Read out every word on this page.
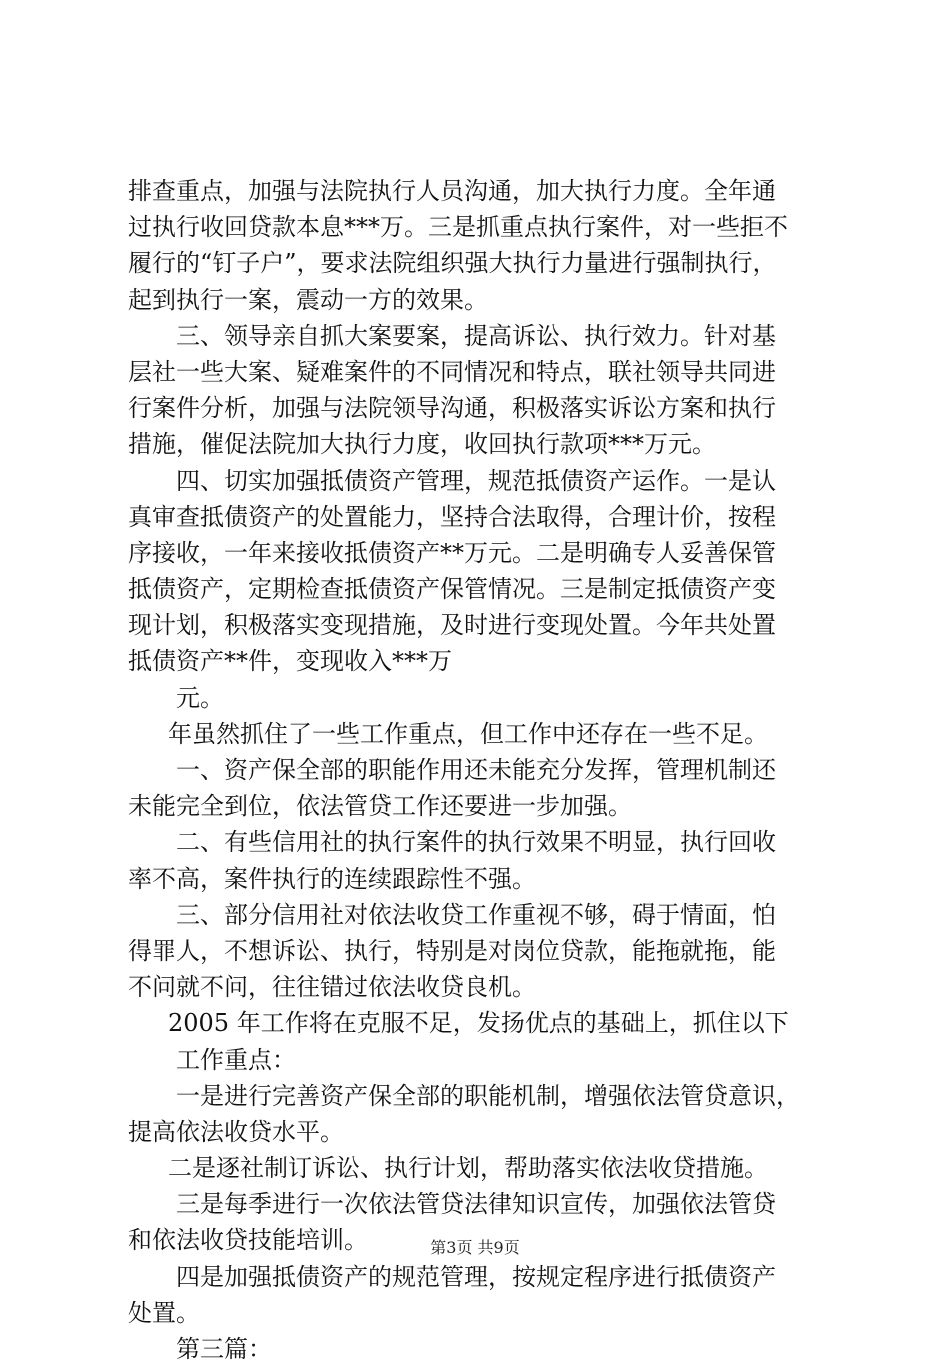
排查重点，加强与法院执行人员沟通，加大执行力度。全年通
过执行收回贷款本息***万。三是抓重点执行案件，对一些拒不
履行的“钉子户”，要求法院组织强大执行力量进行强制执行，
起到执行一案，震动一方的效果。
三、领导亲自抓大案要案，提高诉讼、执行效力。针对基
层社一些大案、疑难案件的不同情况和特点，联社领导共同进
行案件分析，加强与法院领导沟通，积极落实诉讼方案和执行
措施，催促法院加大执行力度，收回执行款项***万元。
四、切实加强抵债资产管理，规范抵债资产运作。一是认
真审查抵债资产的处置能力，坚持合法取得，合理计价，按程
序接收，一年来接收抵债资产**万元。二是明确专人妥善保管
抵债资产，定期检查抵债资产保管情况。三是制定抵债资产变
现计划，积极落实变现措施，及时进行变现处置。今年共处置
抵债资产**件，变现收入***万
元。
年虽然抓住了一些工作重点，但工作中还存在一些不足。
一、资产保全部的职能作用还未能充分发挥，管理机制还
未能完全到位，依法管贷工作还要进一步加强。
二、有些信用社的执行案件的执行效果不明显，执行回收
率不高，案件执行的连续跟踪性不强。
三、部分信用社对依法收贷工作重视不够，碍于情面，怕
得罪人，不想诉讼、执行，特别是对岗位贷款，能拖就拖，能
不问就不问，往往错过依法收贷良机。
2005 年工作将在克服不足，发扬优点的基础上，抓住以下
工作重点：
一是进行完善资产保全部的职能机制，增强依法管贷意识，
提高依法收贷水平。
二是逐社制订诉讼、执行计划，帮助落实依法收贷措施。
三是每季进行一次依法管贷法律知识宣传，加强依法管贷
和依法收贷技能培训。
四是加强抵债资产的规范管理，按规定程序进行抵债资产
处置。
第三篇：
第3页 共9页
